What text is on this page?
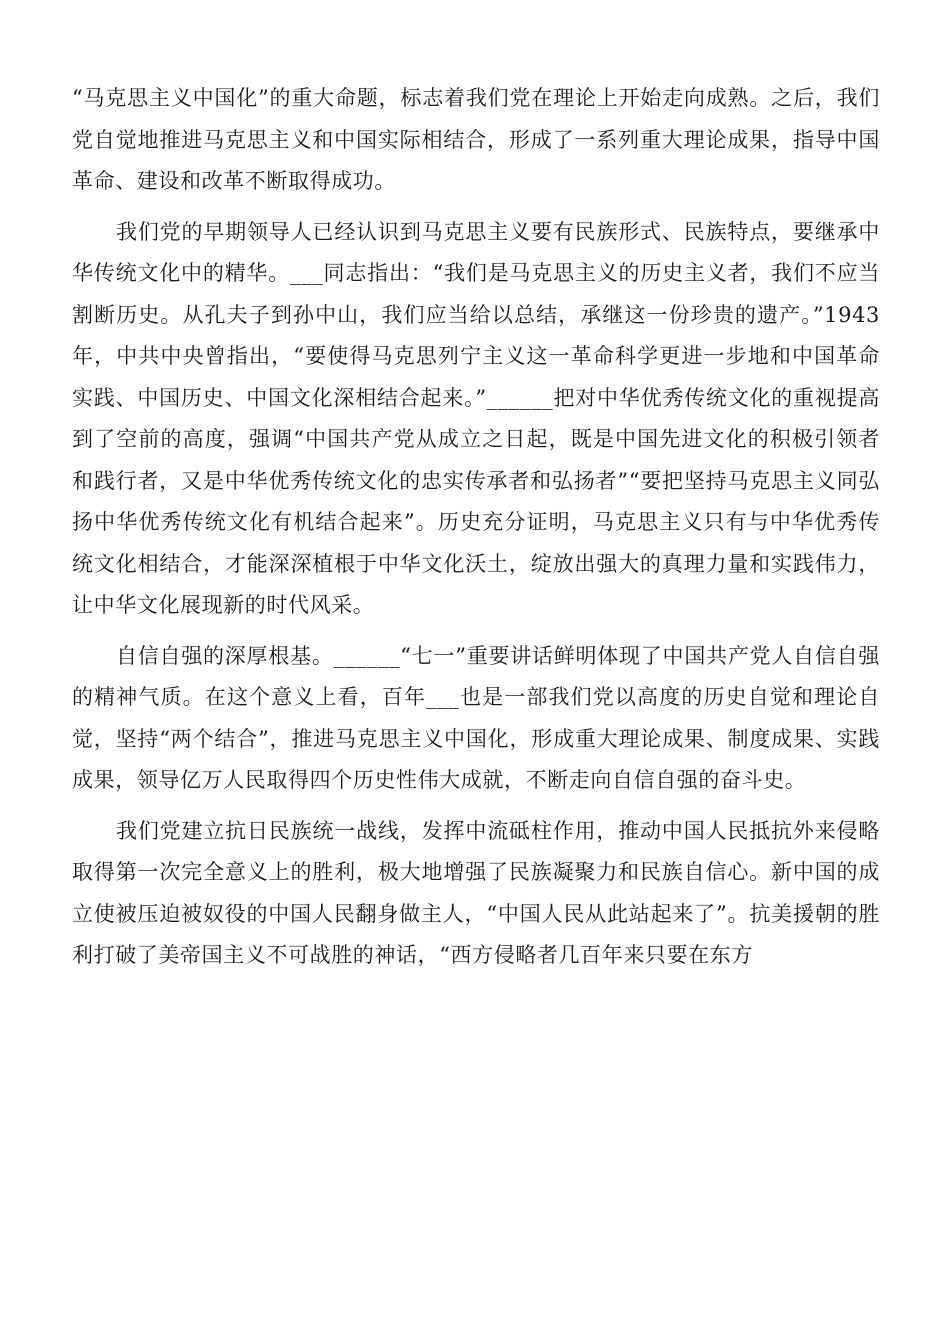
“马克思主义中国化”的重大命题，标志着我们党在理论上开始走向成熟。之后，我们党自觉地推进马克思主义和中国实际相结合，形成了一系列重大理论成果，指导中国革命、建设和改革不断取得成功。

我们党的早期领导人已经认识到马克思主义要有民族形式、民族特点，要继承中华传统文化中的精华。___同志指出：“我们是马克思主义的历史主义者，我们不应当割断历史。从孔夫子到孙中山，我们应当给以总结，承继这一份珍贵的遗产。”1943年，中共中央曾指出，“要使得马克思列宁主义这一革命科学更进一步地和中国革命实践、中国历史、中国文化深相结合起来。”______把对中华优秀传统文化的重视提高到了空前的高度，强调“中国共产党从成立之日起，既是中国先进文化的积极引领者和践行者，又是中华优秀传统文化的忠实传承者和弘扬者”“要把坚持马克思主义同弘扬中华优秀传统文化有机结合起来”。历史充分证明，马克思主义只有与中华优秀传统文化相结合，才能深深植根于中华文化沃土，绽放出强大的真理力量和实践伟力，让中华文化展现新的时代风采。

自信自强的深厚根基。______“七一”重要讲话鲜明体现了中国共产党人自信自强的精神气质。在这个意义上看，百年___也是一部我们党以高度的历史自觉和理论自觉，坚持“两个结合”，推进马克思主义中国化，形成重大理论成果、制度成果、实践成果，领导亿万人民取得四个历史性伟大成就，不断走向自信自强的奋斗史。

我们党建立抗日民族统一战线，发挥中流砥柱作用，推动中国人民抵抗外来侵略取得第一次完全意义上的胜利，极大地增强了民族凝聚力和民族自信心。新中国的成立使被压迫被奴役的中国人民翻身做主人，“中国人民从此站起来了”。抗美援朝的胜利打破了美帝国主义不可战胜的神话，“西方侵略者几百年来只要在东方
